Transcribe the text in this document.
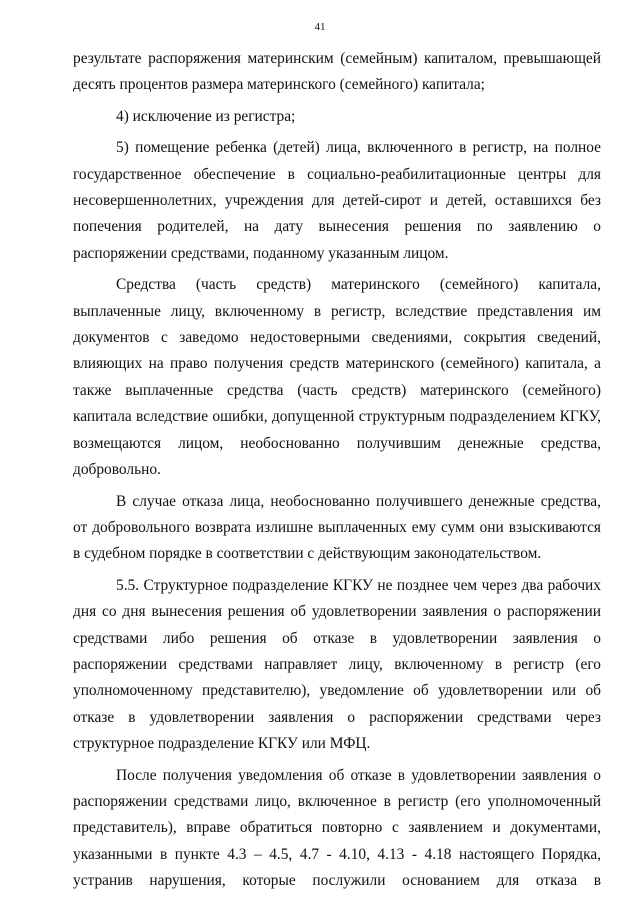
41

результате распоряжения материнским (семейным) капиталом, превышающей десять процентов размера материнского (семейного) капитала;

4) исключение из регистра;

5) помещение ребенка (детей) лица, включенного в регистр, на полное государственное обеспечение в социально-реабилитационные центры для несовершеннолетних, учреждения для детей-сирот и детей, оставшихся без попечения родителей, на дату вынесения решения по заявлению о распоряжении средствами, поданному указанным лицом.

Средства (часть средств) материнского (семейного) капитала, выплаченные лицу, включенному в регистр, вследствие представления им документов с заведомо недостоверными сведениями, сокрытия сведений, влияющих на право получения средств материнского (семейного) капитала, а также выплаченные средства (часть средств) материнского (семейного) капитала вследствие ошибки, допущенной структурным подразделением КГКУ, возмещаются лицом, необоснованно получившим денежные средства, добровольно.

В случае отказа лица, необоснованно получившего денежные средства, от добровольного возврата излишне выплаченных ему сумм они взыскиваются в судебном порядке в соответствии с действующим законодательством.

5.5. Структурное подразделение КГКУ не позднее чем через два рабочих дня со дня вынесения решения об удовлетворении заявления о распоряжении средствами либо решения об отказе в удовлетворении заявления о распоряжении средствами направляет лицу, включенному в регистр (его уполномоченному представителю), уведомление об удовлетворении или об отказе в удовлетворении заявления о распоряжении средствами через структурное подразделение КГКУ или МФЦ.

После получения уведомления об отказе в удовлетворении заявления о распоряжении средствами лицо, включенное в регистр (его уполномоченный представитель), вправе обратиться повторно с заявлением и документами, указанными в пункте 4.3 – 4.5, 4.7 - 4.10, 4.13 - 4.18 настоящего Порядка, устранив нарушения, которые послужили основанием для отказа в
